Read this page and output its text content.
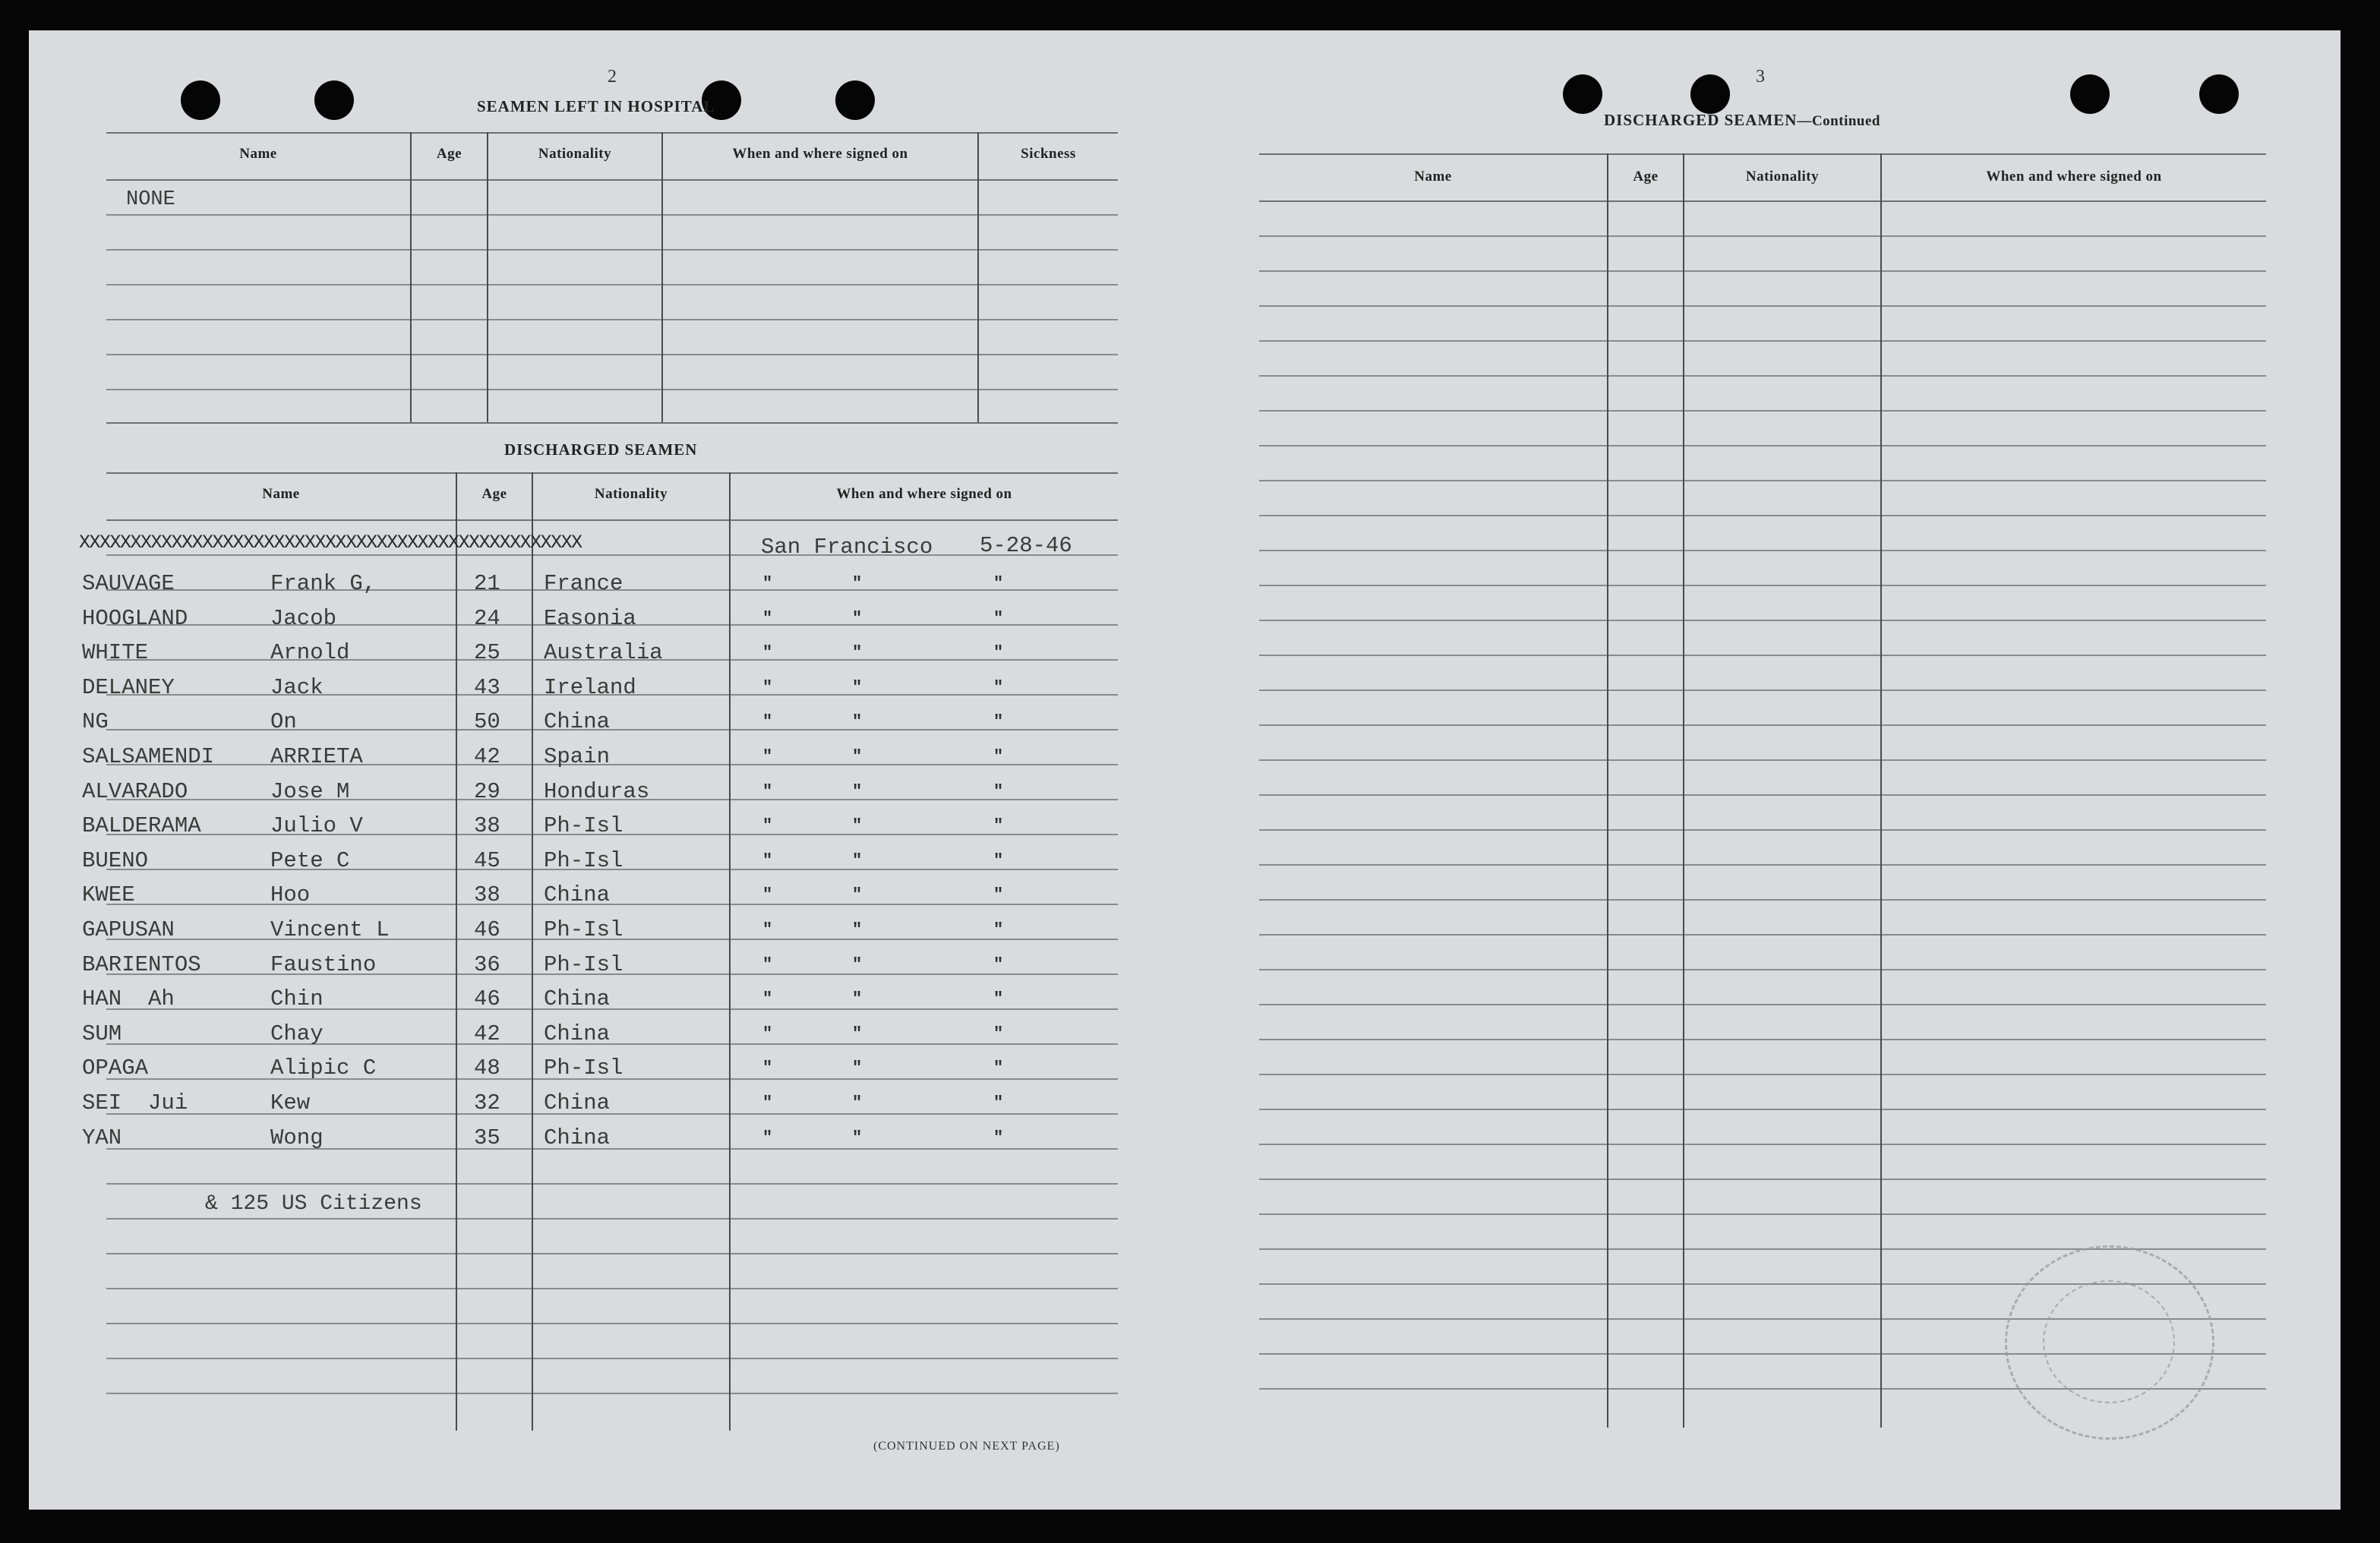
2
SEAMEN LEFT IN HOSPITAL
Name	Age	Nationality	When and where signed on	Sickness
NONE
DISCHARGED SEAMEN
Name	Age	Nationality	When and where signed on
XXXXXXXXXXXXXXXXXXXXXXXXXXXXXXXXXXXXXXXXXXXXXXXXX	San Francisco 5-28-46
SAUVAGE	Frank G,	21 France	"	"	"
HOOGLAND	Jacob	24 Easonia	"	"	"
WHITE	Arnold	25 Australia	"	"	"
DELANEY	Jack	43 Ireland	"	"	"
NG	On	50 China	"	"	"
SALSAMENDI	ARRIETA	42 Spain	"	"	"
ALVARADO	Jose M	29 Honduras	"	"	"
BALDERAMA	Julio V	38 Ph-Isl	"	"	"
BUENO	Pete C	45 Ph-Isl	"	"	"
KWEE	Hoo	38 China	"	"	"
GAPUSAN	Vincent L	46 Ph-Isl	"	"	"
BARIENTOS	Faustino	36 Ph-Isl	"	"	"
HAN  Ah	Chin	46 China	"	"	"
SUM	Chay	42 China	"	"	"
OPAGA	Alipic C	48 Ph-Isl	"	"	"
SEI  Jui	Kew	32 China	"	"	"
YAN	Wong	35 China	"	"	"
& 125 US Citizens
(CONTINUED ON NEXT PAGE)
3
DISCHARGED SEAMEN—Continued
Name	Age	Nationality	When and where signed on
